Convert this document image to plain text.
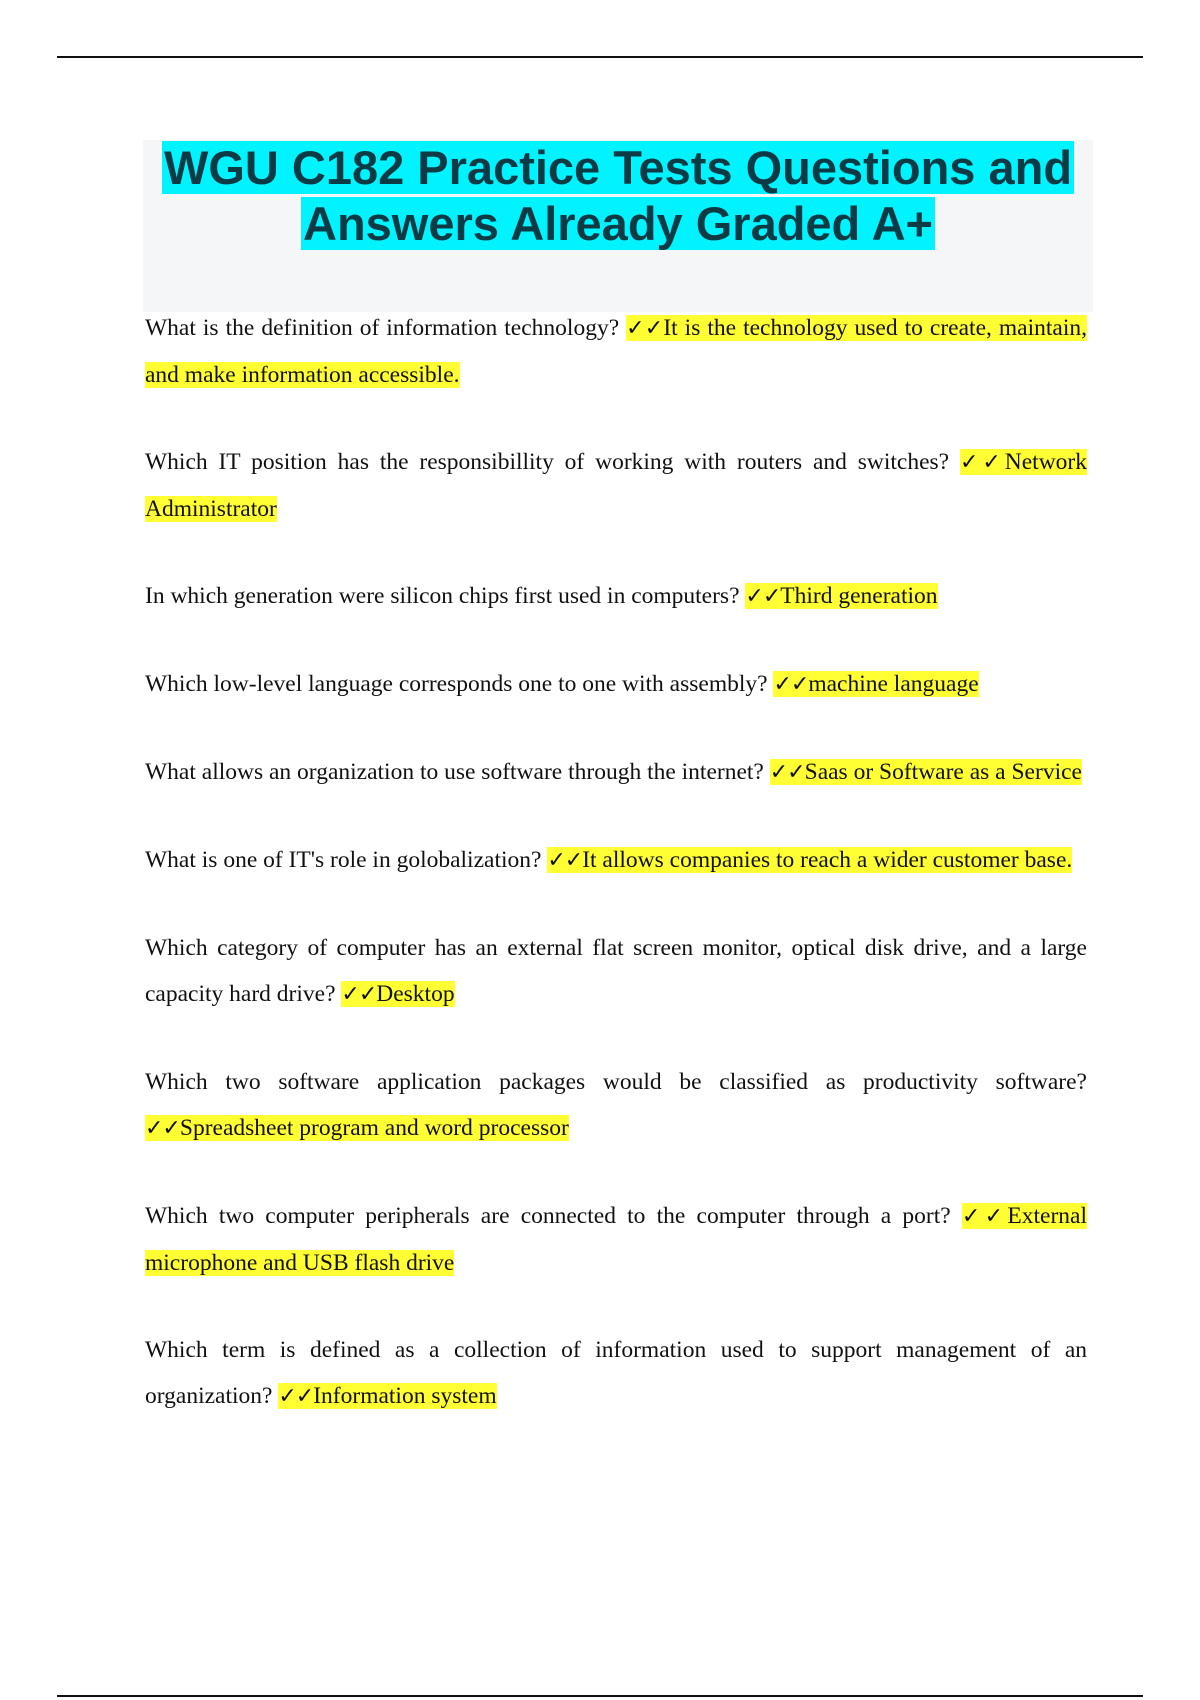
WGU C182 Practice Tests Questions and
Answers Already Graded A+

What is the definition of information technology? ✓✓It is the technology used to create, maintain, and make information accessible.

Which IT position has the responsibillity of working with routers and switches? ✓✓Network Administrator

In which generation were silicon chips first used in computers? ✓✓Third generation

Which low-level language corresponds one to one with assembly? ✓✓machine language

What allows an organization to use software through the internet? ✓✓Saas or Software as a Service

What is one of IT's role in golobalization? ✓✓It allows companies to reach a wider customer base.

Which category of computer has an external flat screen monitor, optical disk drive, and a large capacity hard drive? ✓✓Desktop

Which two software application packages would be classified as productivity software? ✓✓Spreadsheet program and word processor

Which two computer peripherals are connected to the computer through a port? ✓✓External microphone and USB flash drive

Which term is defined as a collection of information used to support management of an organization? ✓✓Information system
